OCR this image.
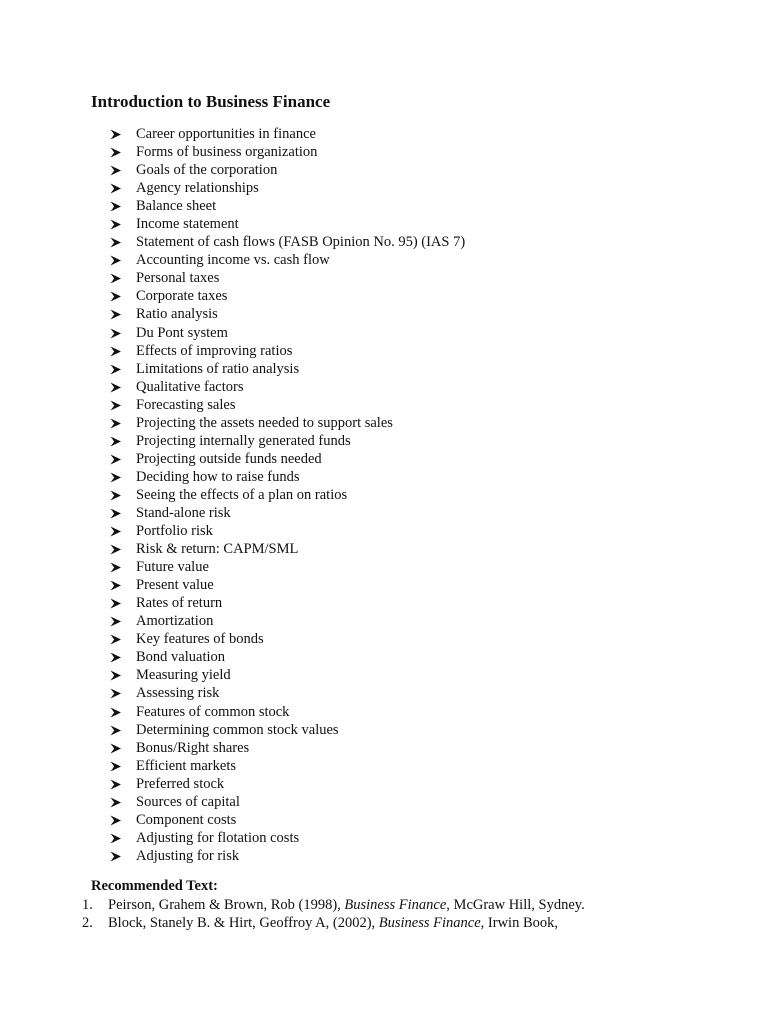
Introduction to Business Finance
Career opportunities in finance
Forms of business organization
Goals of the corporation
Agency relationships
Balance sheet
Income statement
Statement of cash flows (FASB Opinion No. 95) (IAS 7)
Accounting income vs. cash flow
Personal taxes
Corporate taxes
Ratio analysis
Du Pont system
Effects of improving ratios
Limitations of ratio analysis
Qualitative factors
Forecasting sales
Projecting the assets needed to support sales
Projecting internally generated funds
Projecting outside funds needed
Deciding how to raise funds
Seeing the effects of a plan on ratios
Stand-alone risk
Portfolio risk
Risk & return: CAPM/SML
Future value
Present value
Rates of return
Amortization
Key features of bonds
Bond valuation
Measuring yield
Assessing risk
Features of common stock
Determining common stock values
Bonus/Right shares
Efficient markets
Preferred stock
Sources of capital
Component costs
Adjusting for flotation costs
Adjusting for risk

Recommended Text:

1. Peirson, Grahem & Brown, Rob (1998), Business Finance, McGraw Hill, Sydney.
2. Block, Stanely B. & Hirt, Geoffroy A, (2002), Business Finance, Irwin Book,
